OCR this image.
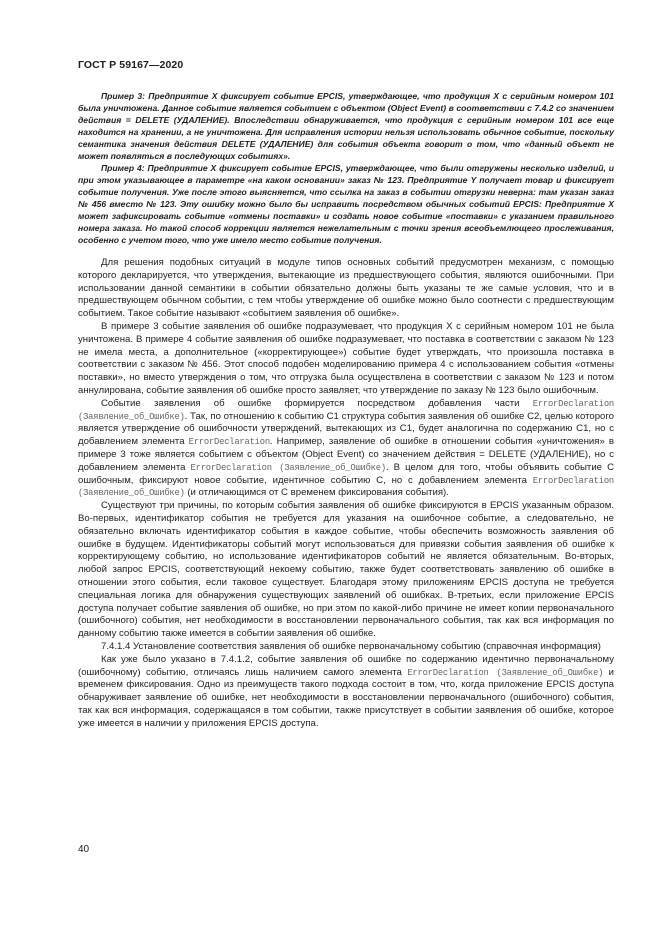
ГОСТ Р 59167—2020

Пример 3: Предприятие X фиксирует событие EPCIS, утверждающее, что продукция X с серийным номером 101 была уничтожена. Данное событие является событием с объектом (Object Event) в соответствии с 7.4.2 со значением действия = DELETE (УДАЛЕНИЕ). Впоследствии обнаруживается, что продукция с серийным номером 101 все еще находится на хранении, а не уничтожена. Для исправления истории нельзя использовать обычное событие, поскольку семантика значения действия DELETE (УДАЛЕНИЕ) для события объекта говорит о том, что «данный объект не может появляться в последующих событиях».

Пример 4: Предприятие X фиксирует событие EPCIS, утверждающее, что были отгружены несколько изделий, и при этом указывающее в параметре «на каком основании» заказ № 123. Предприятие Y получает товар и фиксирует событие получения. Уже после этого выясняется, что ссылка на заказ в событии отгрузки неверна: там указан заказ № 456 вместо № 123. Эту ошибку можно было бы исправить посредством обычных событий EPCIS: Предприятие X может зафиксировать событие «отмены поставки» и создать новое событие «поставки» с указанием правильного номера заказа. Но такой способ коррекции является нежелательным с точки зрения всеобъемлющего прослеживания, особенно с учетом того, что уже имело место событие получения.

Для решения подобных ситуаций в модуле типов основных событий предусмотрен механизм, с помощью которого декларируется, что утверждения, вытекающие из предшествующего события, являются ошибочными. При использовании данной семантики в событии обязательно должны быть указаны те же самые условия, что и в предшествующем обычном событии, с тем чтобы утверждение об ошибке можно было соотнести с предшествующим событием. Такое событие называют «событием заявления об ошибке».

В примере 3 событие заявления об ошибке подразумевает, что продукция X с серийным номером 101 не была уничтожена. В примере 4 событие заявления об ошибке подразумевает, что поставка в соответствии с заказом № 123 не имела места, а дополнительное («корректирующее») событие будет утверждать, что произошла поставка в соответствии с заказом № 456. Этот способ подобен моделированию примера 4 с использованием события «отмены поставки», но вместо утверждения о том, что отгрузка была осуществлена в соответствии с заказом № 123 и потом аннулирована, событие заявления об ошибке просто заявляет, что утверждение по заказу № 123 было ошибочным.

Событие заявления об ошибке формируется посредством добавления части ErrorDeclaration (Заявление_об_Ошибке). Так, по отношению к событию C1 структура события заявления об ошибке C2, целью которого является утверждение об ошибочности утверждений, вытекающих из C1, будет аналогична по содержанию C1, но с добавлением элемента ErrorDeclaration. Например, заявление об ошибке в отношении события «уничтожения» в примере 3 тоже является событием с объектом (Object Event) со значением действия = DELETE (УДАЛЕНИЕ), но с добавлением элемента ErrorDeclaration (Заявление_об_Ошибке). В целом для того, чтобы объявить событие C ошибочным, фиксируют новое событие, идентичное событию C, но с добавлением элемента ErrorDeclaration (Заявление_об_Ошибке) (и отличающимся от C временем фиксирования события).

Существуют три причины, по которым события заявления об ошибке фиксируются в EPCIS указанным образом. Во-первых, идентификатор события не требуется для указания на ошибочное событие, а следовательно, не обязательно включать идентификатор события в каждое событие, чтобы обеспечить возможность заявления об ошибке в будущем. Идентификаторы событий могут использоваться для привязки события заявления об ошибке к корректирующему событию, но использование идентификаторов событий не является обязательным. Во-вторых, любой запрос EPCIS, соответствующий некоему событию, также будет соответствовать заявлению об ошибке в отношении этого события, если таковое существует. Благодаря этому приложениям EPCIS доступа не требуется специальная логика для обнаружения существующих заявлений об ошибках. В-третьих, если приложение EPCIS доступа получает событие заявления об ошибке, но при этом по какой-либо причине не имеет копии первоначального (ошибочного) события, нет необходимости в восстановлении первоначального события, так как вся информация по данному событию также имеется в событии заявления об ошибке.

7.4.1.4 Установление соответствия заявления об ошибке первоначальному событию (справочная информация)

Как уже было указано в 7.4.1.2, событие заявления об ошибке по содержанию идентично первоначальному (ошибочному) событию, отличаясь лишь наличием самого элемента ErrorDeclaration (Заявление_об_Ошибке) и временем фиксирования. Одно из преимуществ такого подхода состоит в том, что, когда приложение EPCIS доступа обнаруживает заявление об ошибке, нет необходимости в восстановлении первоначального (ошибочного) события, так как вся информация, содержащаяся в том событии, также присутствует в событии заявления об ошибке, которое уже имеется в наличии у приложения EPCIS доступа.

40
